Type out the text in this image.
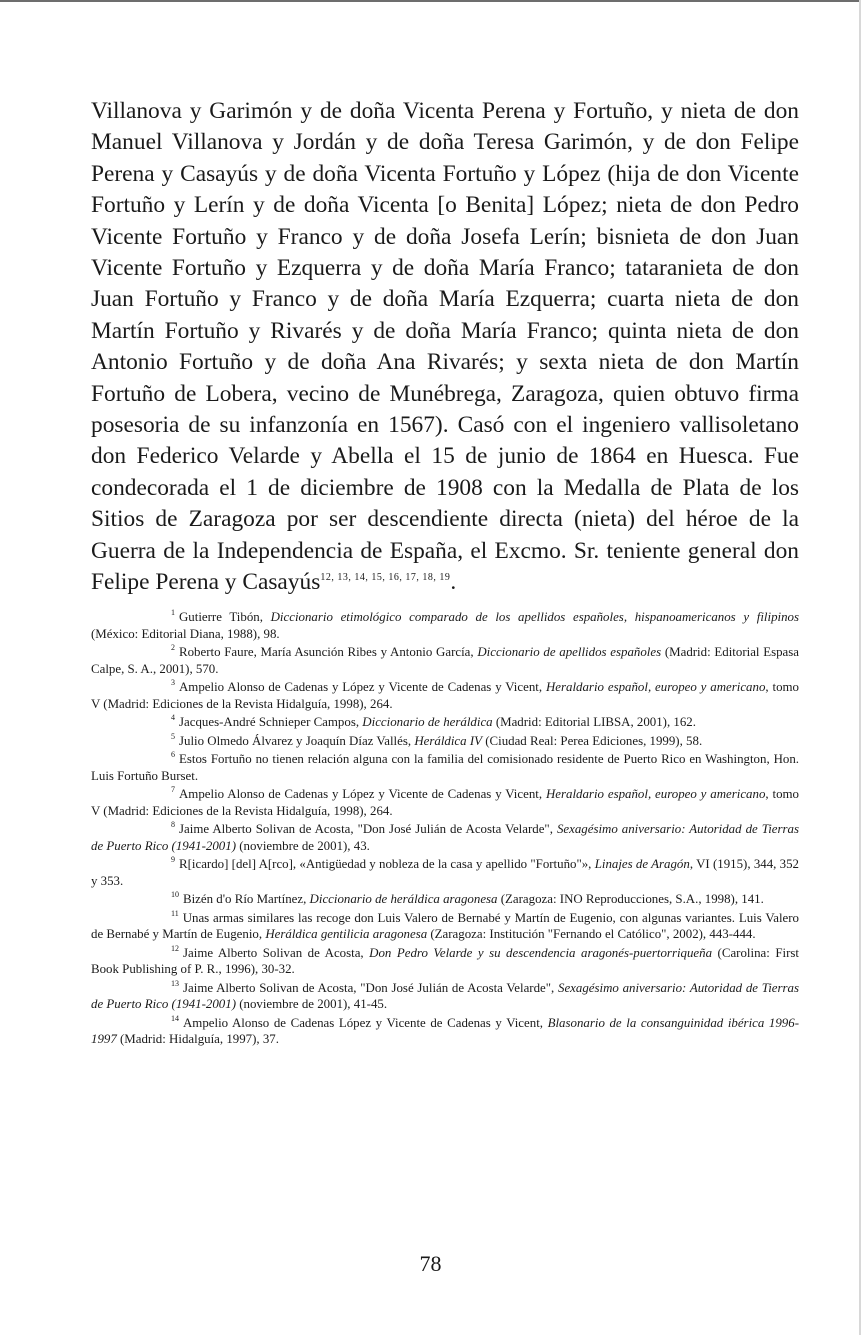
Villanova y Garimón y de doña Vicenta Perena y Fortuño, y nieta de don Manuel Villanova y Jordán y de doña Teresa Garimón, y de don Felipe Perena y Casayús y de doña Vicenta Fortuño y López (hija de don Vicente Fortuño y Lerín y de doña Vicenta [o Benita] López; nieta de don Pedro Vicente Fortuño y Franco y de doña Josefa Lerín; bisnieta de don Juan Vicente Fortuño y Ezquerra y de doña María Franco; tataranieta de don Juan Fortuño y Franco y de doña María Ezquerra; cuarta nieta de don Martín Fortuño y Rivarés y de doña María Franco; quinta nieta de don Antonio Fortuño y de doña Ana Rivarés; y sexta nieta de don Martín Fortuño de Lobera, vecino de Munébrega, Zaragoza, quien obtuvo firma posesoria de su infanzonía en 1567). Casó con el ingeniero vallisoletano don Federico Velarde y Abella el 15 de junio de 1864 en Huesca. Fue condecorada el 1 de diciembre de 1908 con la Medalla de Plata de los Sitios de Zaragoza por ser descendiente directa (nieta) del héroe de la Guerra de la Independencia de España, el Excmo. Sr. teniente general don Felipe Perena y Casayús$^{12, 13, 14, 15, 16, 17, 18, 19}$.

$^1$ Gutierre Tibón, Diccionario etimológico comparado de los apellidos españoles, hispanoamericanos y filipinos (México: Editorial Diana, 1988), 98.

$^2$ Roberto Faure, María Asunción Ribes y Antonio García, Diccionario de apellidos españoles (Madrid: Editorial Espasa Calpe, S. A., 2001), 570.

$^3$ Ampelio Alonso de Cadenas y López y Vicente de Cadenas y Vicent, Heraldario español, europeo y americano, tomo V (Madrid: Ediciones de la Revista Hidalguía, 1998), 264.

$^4$ Jacques-André Schnieper Campos, Diccionario de heráldica (Madrid: Editorial LIBSA, 2001), 162.

$^5$ Julio Olmedo Álvarez y Joaquín Díaz Vallés, Heráldica IV (Ciudad Real: Perea Ediciones, 1999), 58.

$^6$ Estos Fortuño no tienen relación alguna con la familia del comisionado residente de Puerto Rico en Washington, Hon. Luis Fortuño Burset.

$^7$ Ampelio Alonso de Cadenas y López y Vicente de Cadenas y Vicent, Heraldario español, europeo y americano, tomo V (Madrid: Ediciones de la Revista Hidalguía, 1998), 264.

$^8$ Jaime Alberto Solivan de Acosta, "Don José Julián de Acosta Velarde", Sexagésimo aniversario: Autoridad de Tierras de Puerto Rico (1941-2001) (noviembre de 2001), 43.

$^9$ R[icardo] [del] A[rco], «Antigüedad y nobleza de la casa y apellido "Fortuño"», Linajes de Aragón, VI (1915), 344, 352 y 353.

$^{10}$ Bizén d'o Río Martínez, Diccionario de heráldica aragonesa (Zaragoza: INO Reproducciones, S.A., 1998), 141.

$^{11}$ Unas armas similares las recoge don Luis Valero de Bernabé y Martín de Eugenio, con algunas variantes. Luis Valero de Bernabé y Martín de Eugenio, Heráldica gentilicia aragonesa (Zaragoza: Institución "Fernando el Católico", 2002), 443-444.

$^{12}$ Jaime Alberto Solivan de Acosta, Don Pedro Velarde y su descendencia aragonés-puertorriqueña (Carolina: First Book Publishing of P. R., 1996), 30-32.

$^{13}$ Jaime Alberto Solivan de Acosta, "Don José Julián de Acosta Velarde", Sexagésimo aniversario: Autoridad de Tierras de Puerto Rico (1941-2001) (noviembre de 2001), 41-45.

$^{14}$ Ampelio Alonso de Cadenas López y Vicente de Cadenas y Vicent, Blasonario de la consanguinidad ibérica 1996-1997 (Madrid: Hidalguía, 1997), 37.

78
